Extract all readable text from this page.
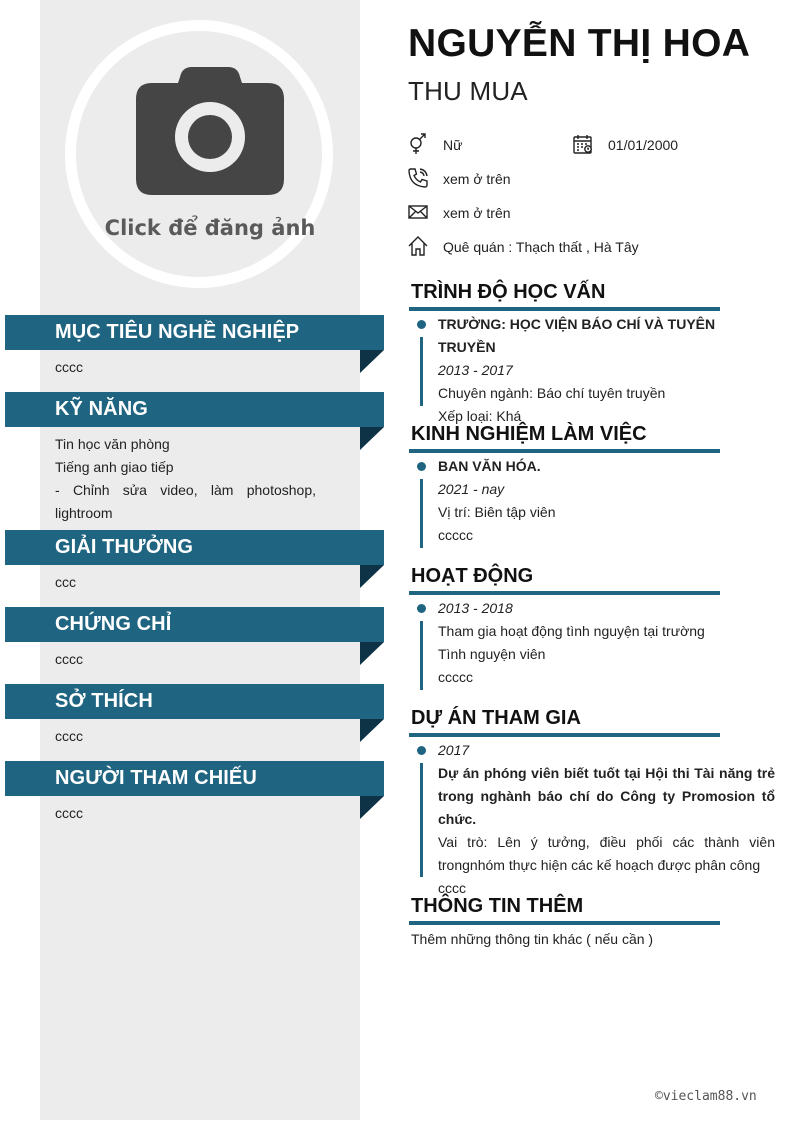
Click để đăng ảnh
MỤC TIÊU NGHỀ NGHIỆP
cccc
KỸ NĂNG
Tin học văn phòng
Tiếng anh giao tiếp
- Chỉnh sửa video, làm photoshop, lightroom
GIẢI THƯỞNG
ccc
CHỨNG CHỈ
cccc
SỞ THÍCH
cccc
NGƯỜI THAM CHIẾU
cccc
NGUYỄN THỊ HOA
THU MUA
Nữ	01/01/2000
xem ở trên
xem ở trên
Quê quán : Thạch thất , Hà Tây
TRÌNH ĐỘ HỌC VẤN
TRƯỜNG: HỌC VIỆN BÁO CHÍ VÀ TUYÊN TRUYỀN
2013 - 2017
Chuyên ngành: Báo chí tuyên truyền
Xếp loại: Khá
KINH NGHIỆM LÀM VIỆC
BAN VĂN HÓA.
2021 - nay
Vị trí: Biên tập viên
ccccc
HOẠT ĐỘNG
2013 - 2018
Tham gia hoạt động tình nguyện tại trường
Tình nguyện viên
ccccc
DỰ ÁN THAM GIA
2017
Dự án phóng viên biết tuốt tại Hội thi Tài năng trẻ trong nghành báo chí do Công ty Promosion tổ chức.
Vai trò: Lên ý tưởng, điều phối các thành viên trongnhóm thực hiện các kế hoạch được phân công
cccc
THÔNG TIN THÊM
Thêm những thông tin khác ( nếu cần )
©vieclam88.vn
